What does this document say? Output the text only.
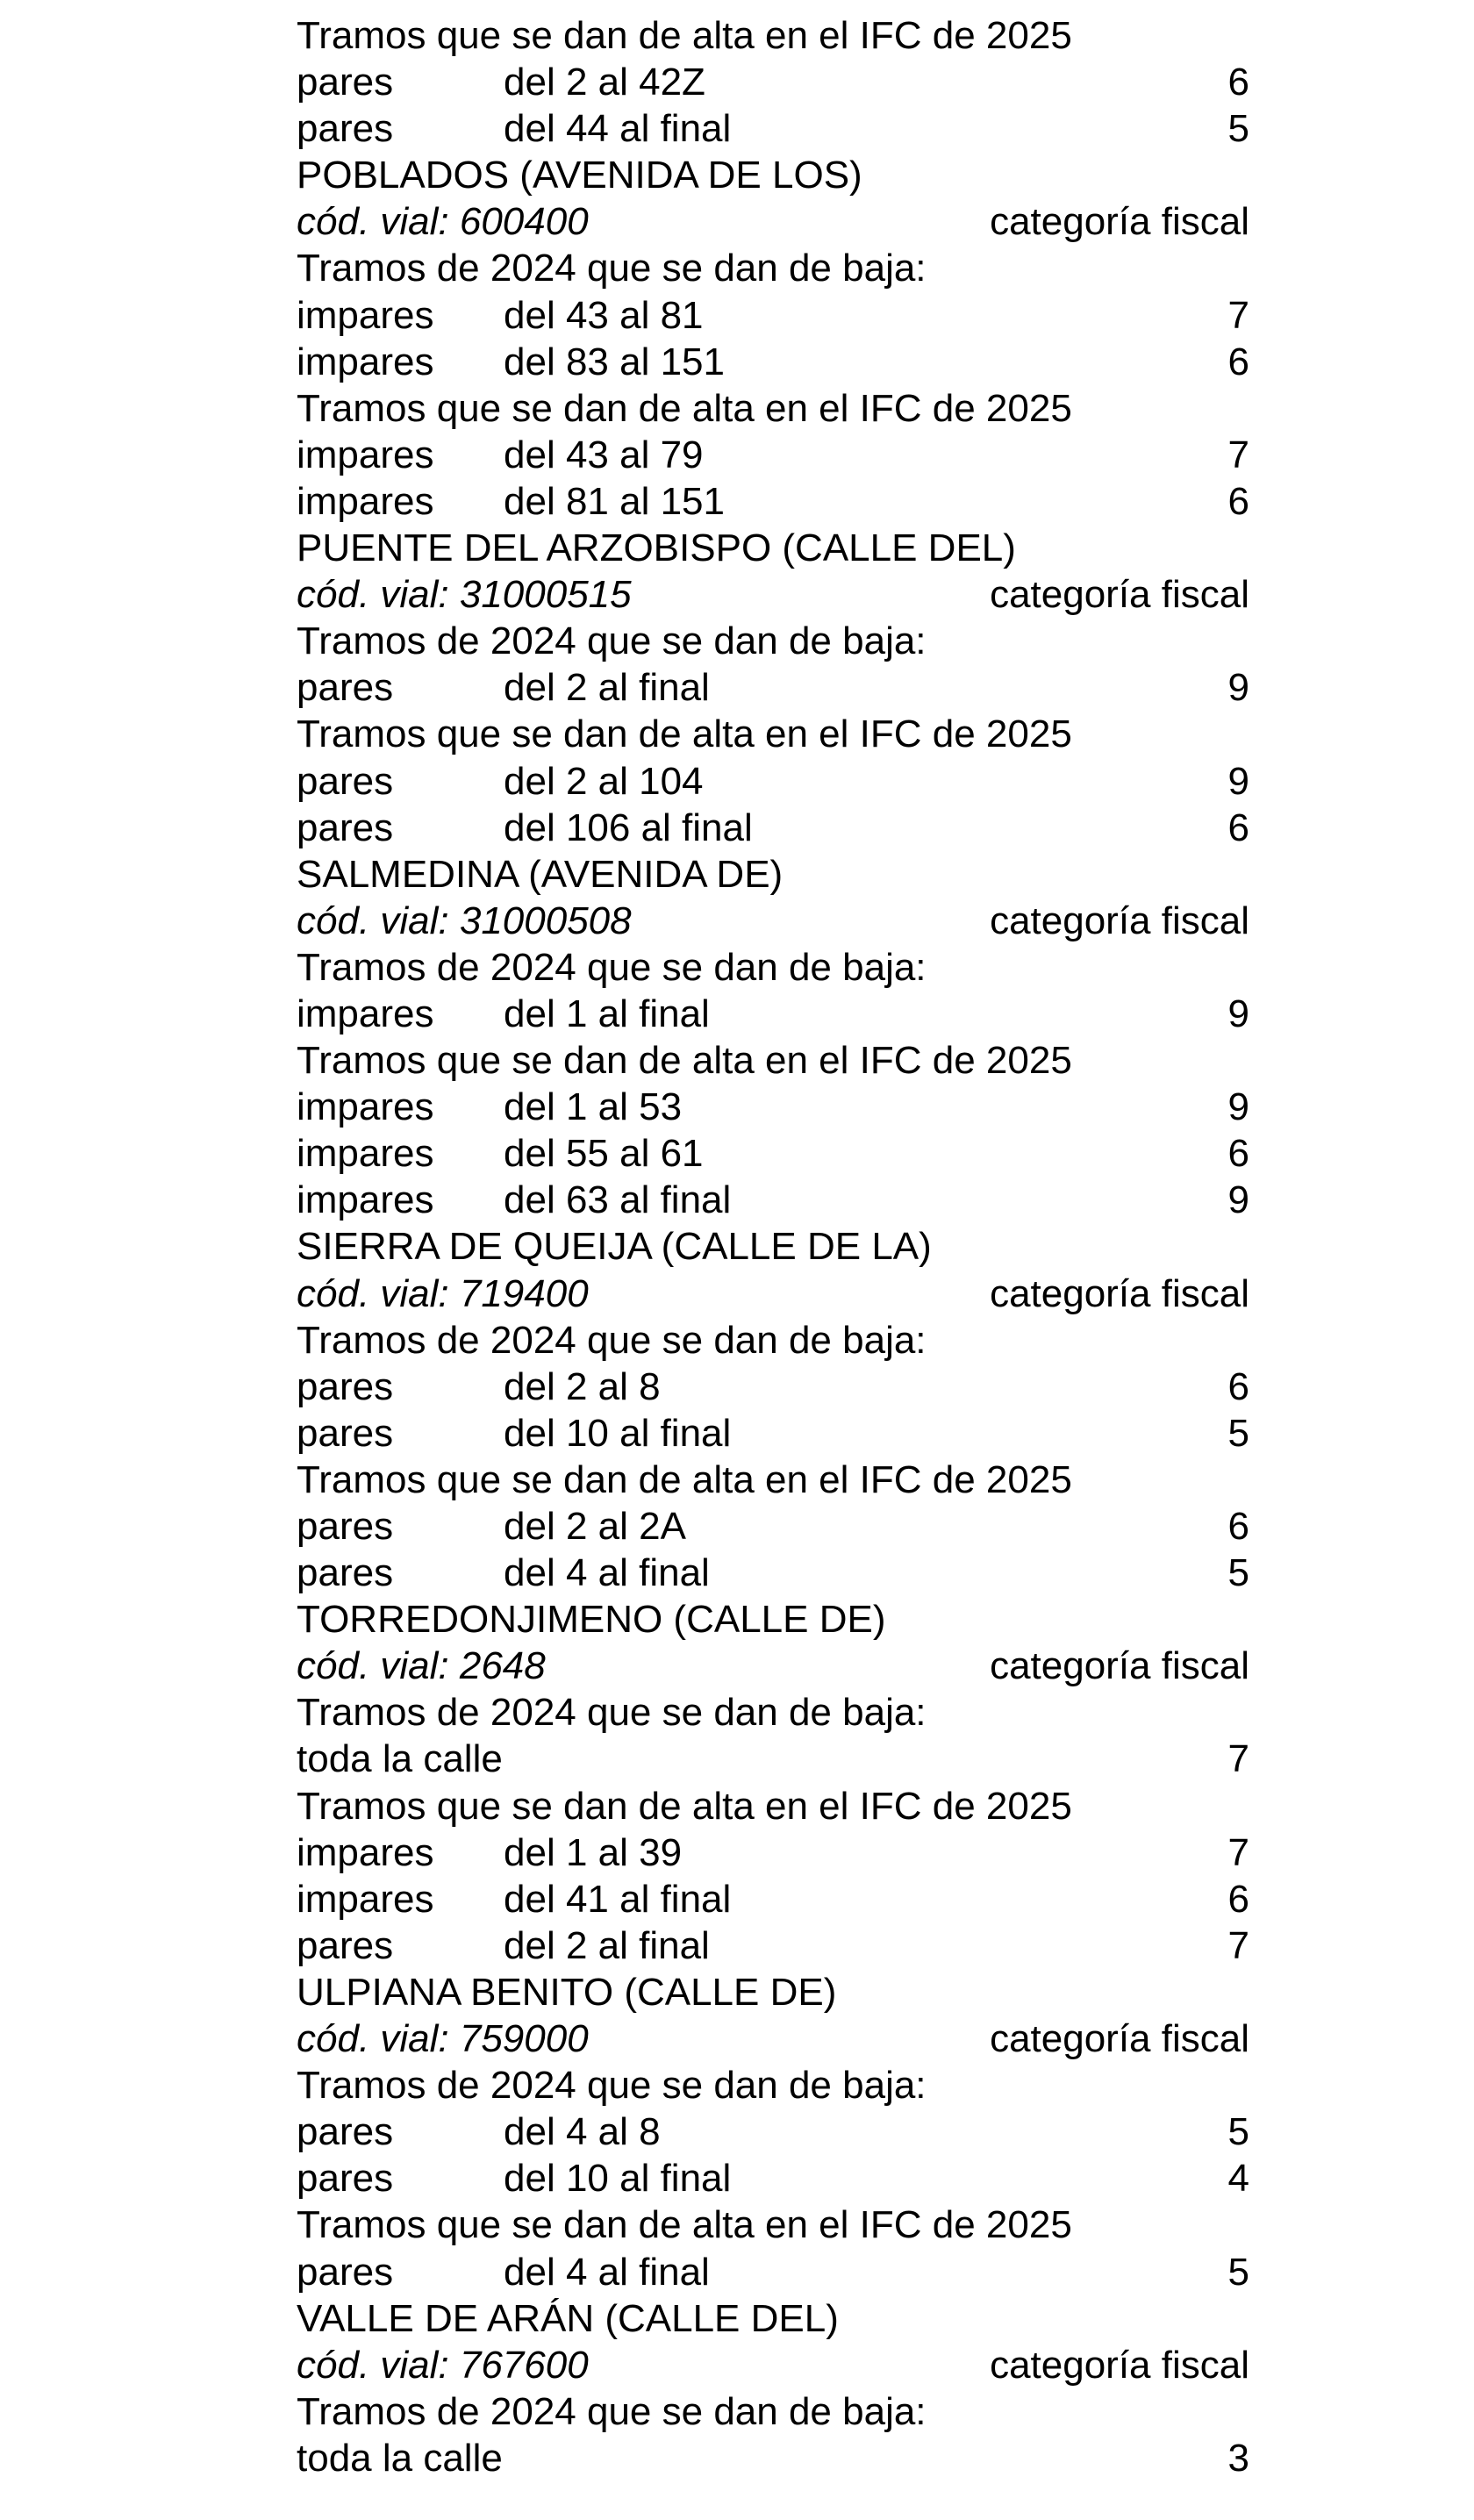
Tramos que se dan de alta en el IFC de 2025
pares	del 2 al 42Z	6
pares	del 44 al final	5
POBLADOS (AVENIDA DE LOS)
cód. vial: 600400	categoría fiscal
Tramos de 2024 que se dan de baja:
impares del 43 al 81	7
impares del 83 al 151	6
Tramos que se dan de alta en el IFC de 2025
impares del 43 al 79	7
impares del 81 al 151	6
PUENTE DEL ARZOBISPO (CALLE DEL)
cód. vial: 31000515	categoría fiscal
Tramos de 2024 que se dan de baja:
pares	del 2 al final	9
Tramos que se dan de alta en el IFC de 2025
pares	del 2 al 104	9
pares	del 106 al final	6
SALMEDINA (AVENIDA DE)
cód. vial: 31000508	categoría fiscal
Tramos de 2024 que se dan de baja:
impares del 1 al final	9
Tramos que se dan de alta en el IFC de 2025
impares del 1 al 53	9
impares del 55 al 61	6
impares del 63 al final	9
SIERRA DE QUEIJA (CALLE DE LA)
cód. vial: 719400	categoría fiscal
Tramos de 2024 que se dan de baja:
pares	del 2 al 8	6
pares	del 10 al final	5
Tramos que se dan de alta en el IFC de 2025
pares	del 2 al 2A	6
pares	del 4 al final	5
TORREDONJIMENO (CALLE DE)
cód. vial: 2648	categoría fiscal
Tramos de 2024 que se dan de baja:
toda la calle	7
Tramos que se dan de alta en el IFC de 2025
impares del 1 al 39	7
impares del 41 al final	6
pares	del 2 al final	7
ULPIANA BENITO (CALLE DE)
cód. vial: 759000	categoría fiscal
Tramos de 2024 que se dan de baja:
pares	del 4 al 8	5
pares	del 10 al final	4
Tramos que se dan de alta en el IFC de 2025
pares	del 4 al final	5
VALLE DE ARÁN (CALLE DEL)
cód. vial: 767600	categoría fiscal
Tramos de 2024 que se dan de baja:
toda la calle	3
